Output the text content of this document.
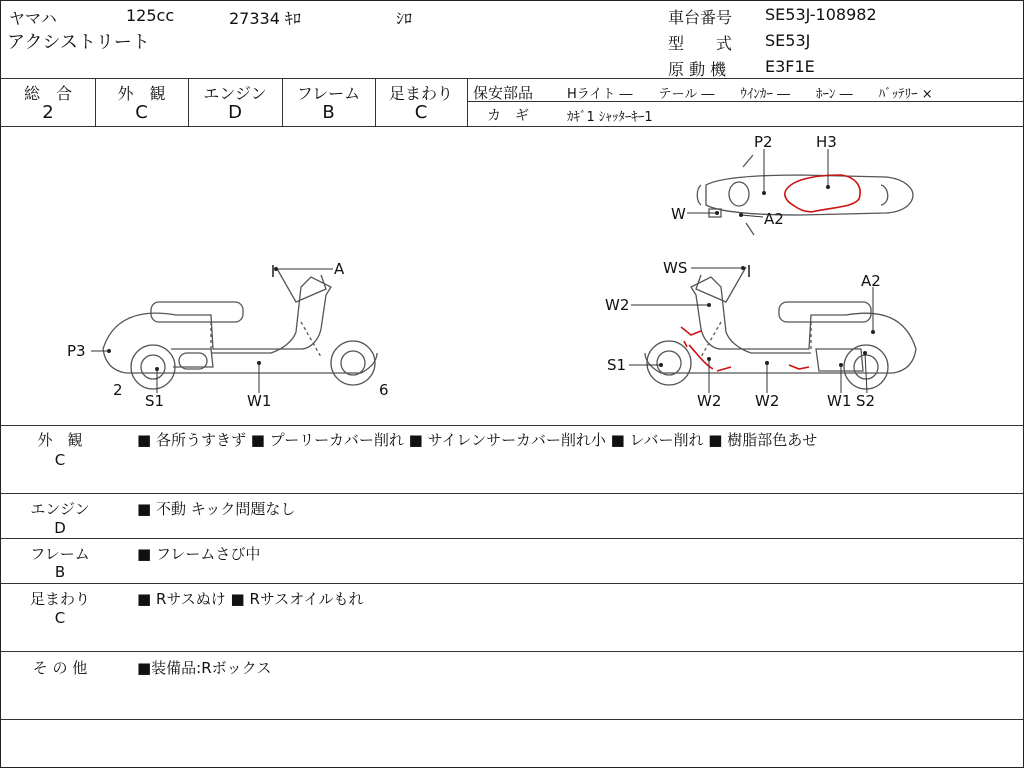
ヤマハ	125cc	27334 ｷﾛ	ｼﾛ
アクシストリート
車台番号 SE53J-108982
型　　式 SE53J
原 動 機 E3F1E
総　合
2
外　観
C
エンジン
D
フレーム
B
足まわり
C
保安部品	Hライト ―　　テール ―　　ｳｲﾝｶｰ ―　　ﾎｰﾝ ―　　ﾊﾞｯﾃﾘｰ ×
カ　ギ	ｶｷﾞ1 ｼｬｯﾀｰｷｰ1
P2	H3
W	A2
A
P3
2
S1	W1
6
WS
A2
W2
S1
W2 W2	W1 S2
外　観
C
■ 各所うすきず ■ プーリーカバー削れ ■ サイレンサーカバー削れ小 ■ レバー削れ ■ 樹脂部色あせ
エンジン
D
■ 不動 キック問題なし
フレーム
B
■ フレームさび中
足まわり
C
■ Rサスぬけ ■ Rサスオイルもれ
そ の 他	■装備品:Rボックス
